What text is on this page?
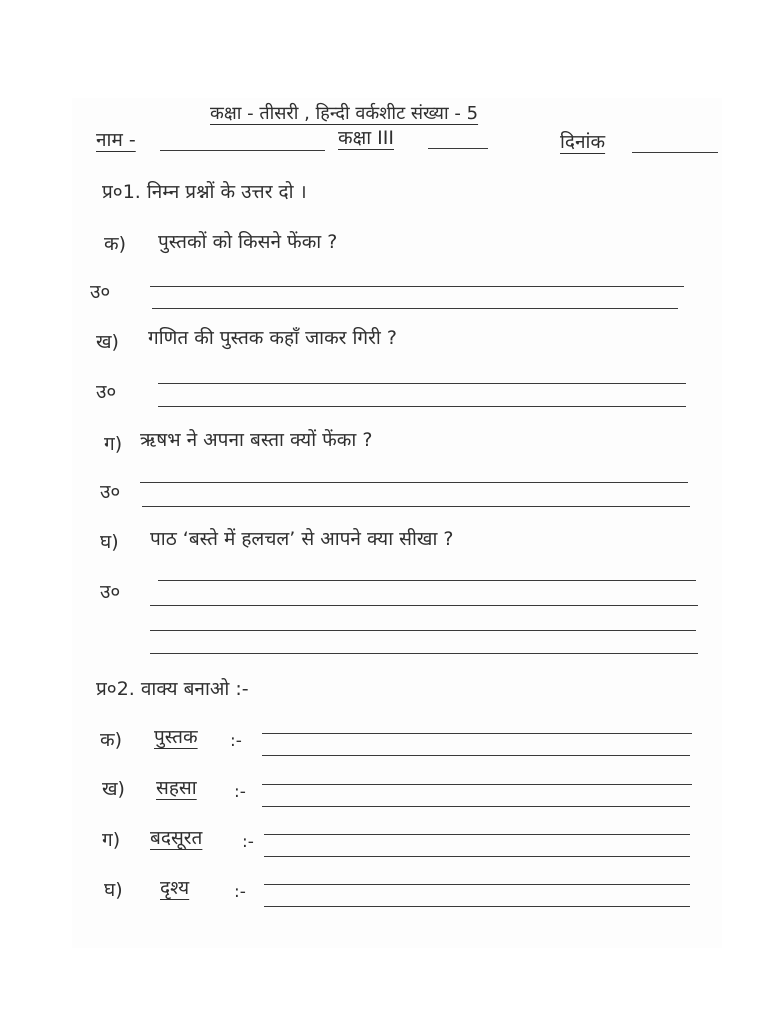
कक्षा - तीसरी , हिन्दी वर्कशीट संख्या - 5
नाम -	कक्षा III	दिनांक
प्र०1. निम्न प्रश्नों के उत्तर दो ।
क) पुस्तकों को किसने फेंका ?
उ०
ख) गणित की पुस्तक कहाँ जाकर गिरी ?
उ०
ग) ऋषभ ने अपना बस्ता क्यों फेंका ?
उ०
घ) पाठ ‘बस्ते में हलचल’ से आपने क्या सीखा ?
उ०
प्र०2. वाक्य बनाओ :-
क) पुस्तक :-
ख) सहसा :-
ग) बदसूरत :-
घ) दृश्य	:-
